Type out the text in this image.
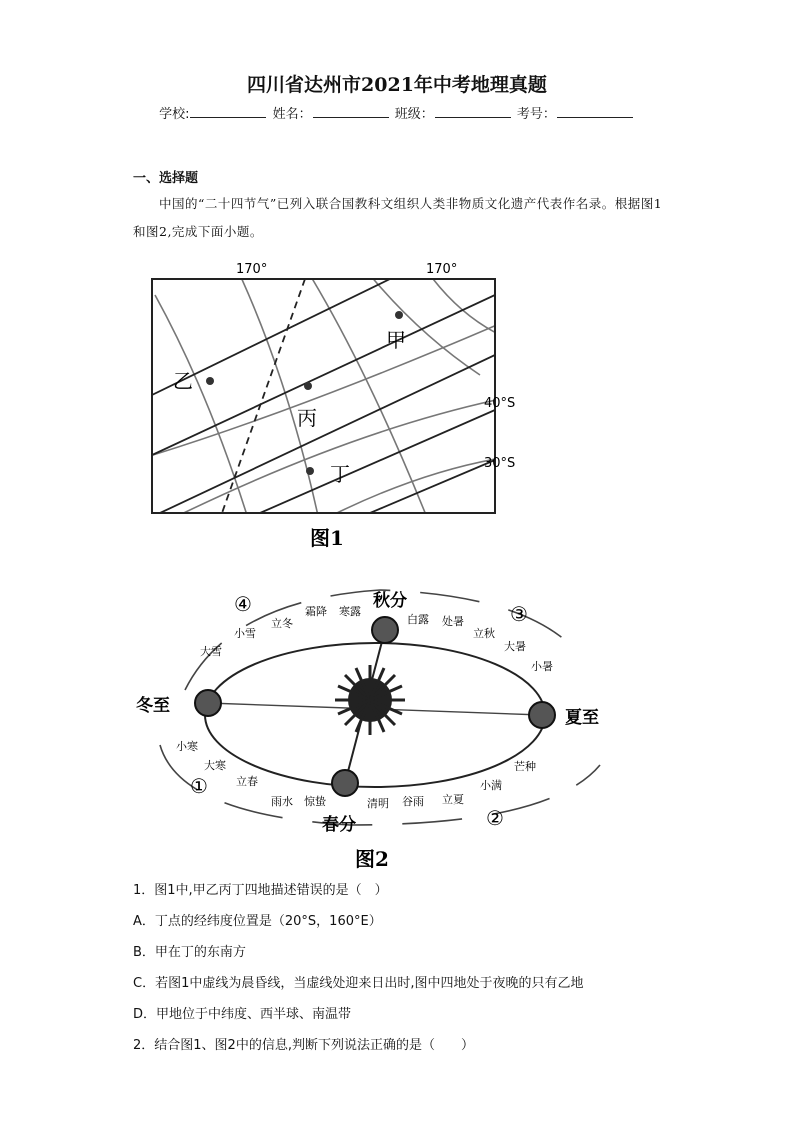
四川省达州市2021年中考地理真题
学校:	姓名：	班级：	考号：
一、选择题
中国的“二十四节气”已列入联合国教科文组织人类非物质文化遗产代表作名录。根据图1和图2,完成下面小题。
170°	170°
40°S
30°S
甲
乙
丙
丁
图1
冬至
夏至
春分
秋分
①
②
③
④	霜降 寒露
立冬
小雪
大雪
白露 处暑
立秋
大暑
小暑
小寒
大寒
立春
雨水 惊蛰	清明 谷雨 立夏
小满
芒种
图2
1．图1中,甲乙丙丁四地描述错误的是（　）
A．丁点的经纬度位置是（20°S，160°E）
B．甲在丁的东南方
C．若图1中虚线为晨昏线，当虚线处迎来日出时,图中四地处于夜晚的只有乙地
D．甲地位于中纬度、西半球、南温带
2．结合图1、图2中的信息,判断下列说法正确的是（　　）
